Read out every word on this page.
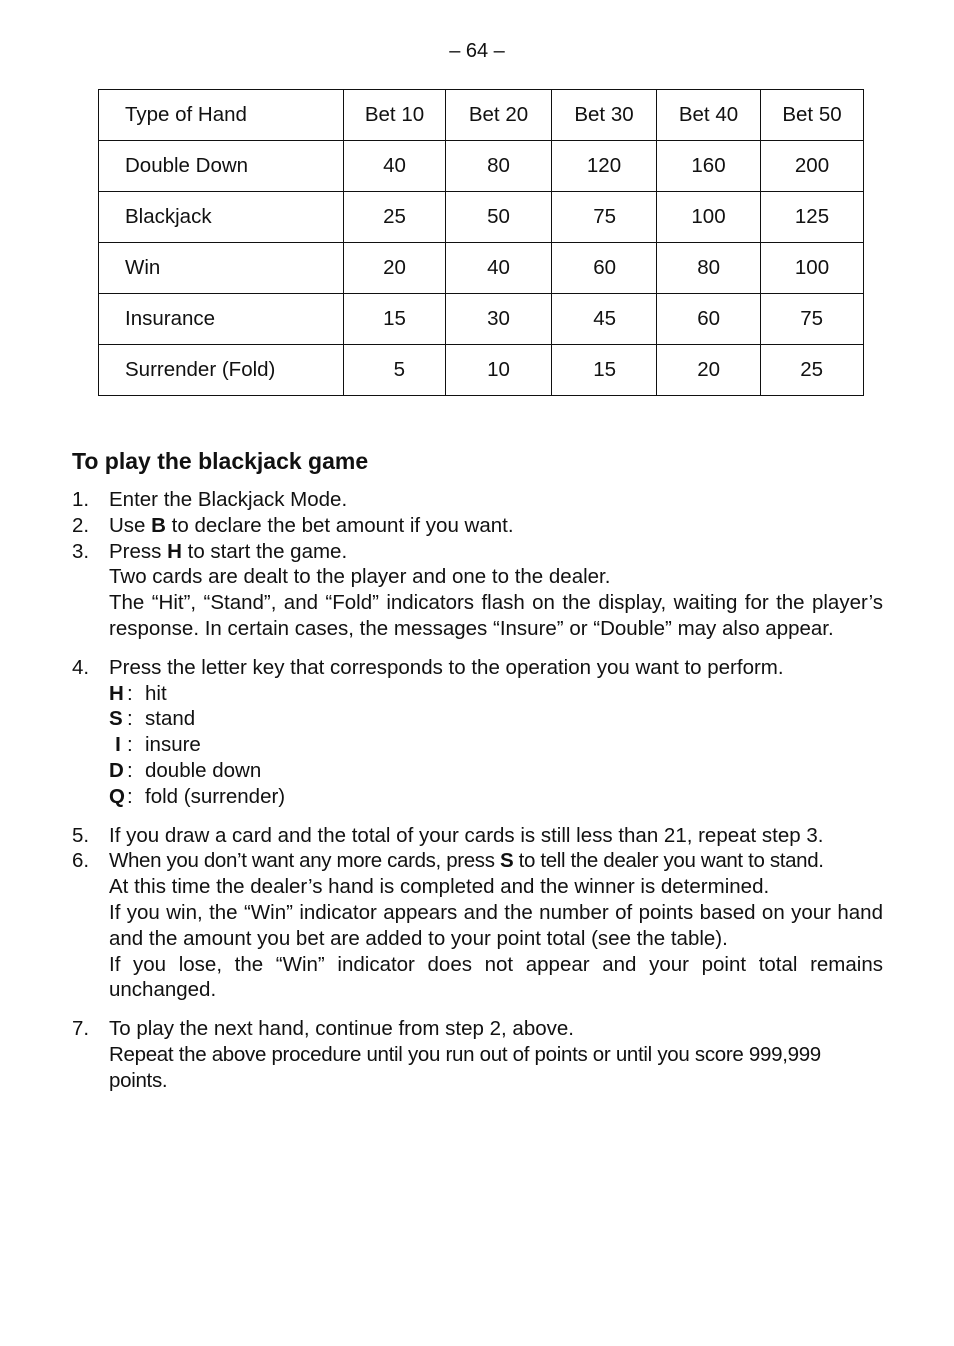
– 64 –
Type of Hand	Bet 10	Bet 20	Bet 30	Bet 40	Bet 50
Double Down	40	80	120	160	200
Blackjack	25	50	75	100	125
Win	20	40	60	80	100
Insurance	15	30	45	60	75
Surrender (Fold)	5	10	15	20	25
To play the blackjack game
1. Enter the Blackjack Mode.
2. Use B to declare the bet amount if you want.
3. Press H to start the game.
Two cards are dealt to the player and one to the dealer.
The “Hit”, “Stand”, and “Fold” indicators flash on the display, waiting for the player’s response. In certain cases, the messages “Insure” or “Double” may also appear.
4. Press the letter key that corresponds to the operation you want to perform.
H : hit
S : stand
I : insure
D : double down
Q : fold (surrender)
5. If you draw a card and the total of your cards is still less than 21, repeat step 3.
6. When you don’t want any more cards, press S to tell the dealer you want to stand.
At this time the dealer’s hand is completed and the winner is determined.
If you win, the “Win” indicator appears and the number of points based on your hand and the amount you bet are added to your point total (see the table).
If you lose, the “Win” indicator does not appear and your point total remains unchanged.
7. To play the next hand, continue from step 2, above.
Repeat the above procedure until you run out of points or until you score 999,999 points.
